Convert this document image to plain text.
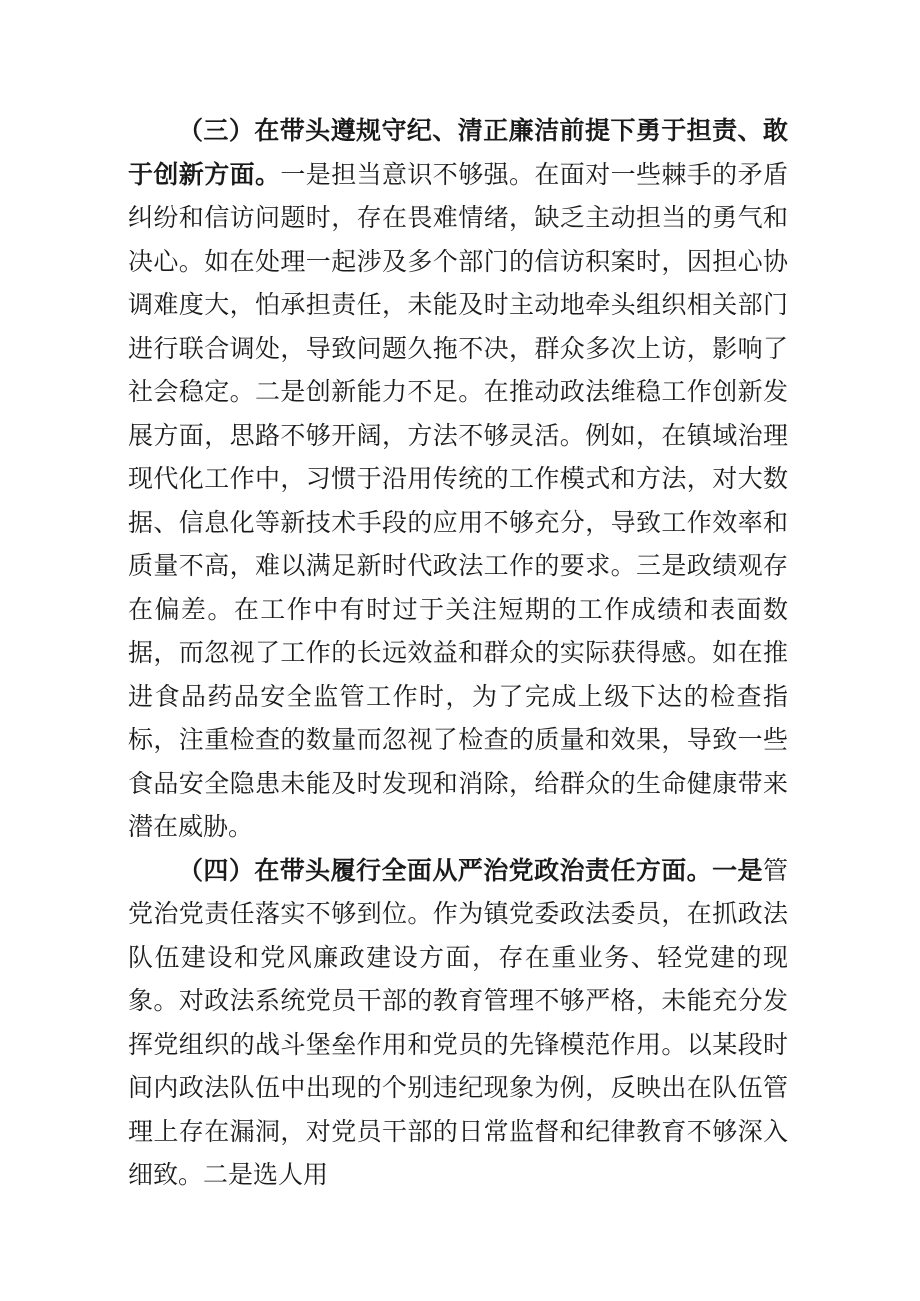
（三）在带头遵规守纪、清正廉洁前提下勇于担责、敢于创新方面。一是担当意识不够强。在面对一些棘手的矛盾纠纷和信访问题时，存在畏难情绪，缺乏主动担当的勇气和决心。如在处理一起涉及多个部门的信访积案时，因担心协调难度大，怕承担责任，未能及时主动地牵头组织相关部门进行联合调处，导致问题久拖不决，群众多次上访，影响了社会稳定。二是创新能力不足。在推动政法维稳工作创新发展方面，思路不够开阔，方法不够灵活。例如，在镇域治理现代化工作中，习惯于沿用传统的工作模式和方法，对大数据、信息化等新技术手段的应用不够充分，导致工作效率和质量不高，难以满足新时代政法工作的要求。三是政绩观存在偏差。在工作中有时过于关注短期的工作成绩和表面数据，而忽视了工作的长远效益和群众的实际获得感。如在推进食品药品安全监管工作时，为了完成上级下达的检查指标，注重检查的数量而忽视了检查的质量和效果，导致一些食品安全隐患未能及时发现和消除，给群众的生命健康带来潜在威胁。

（四）在带头履行全面从严治党政治责任方面。一是管党治党责任落实不够到位。作为镇党委政法委员，在抓政法队伍建设和党风廉政建设方面，存在重业务、轻党建的现象。对政法系统党员干部的教育管理不够严格，未能充分发挥党组织的战斗堡垒作用和党员的先锋模范作用。以某段时间内政法队伍中出现的个别违纪现象为例，反映出在队伍管理上存在漏洞，对党员干部的日常监督和纪律教育不够深入细致。二是选人用
